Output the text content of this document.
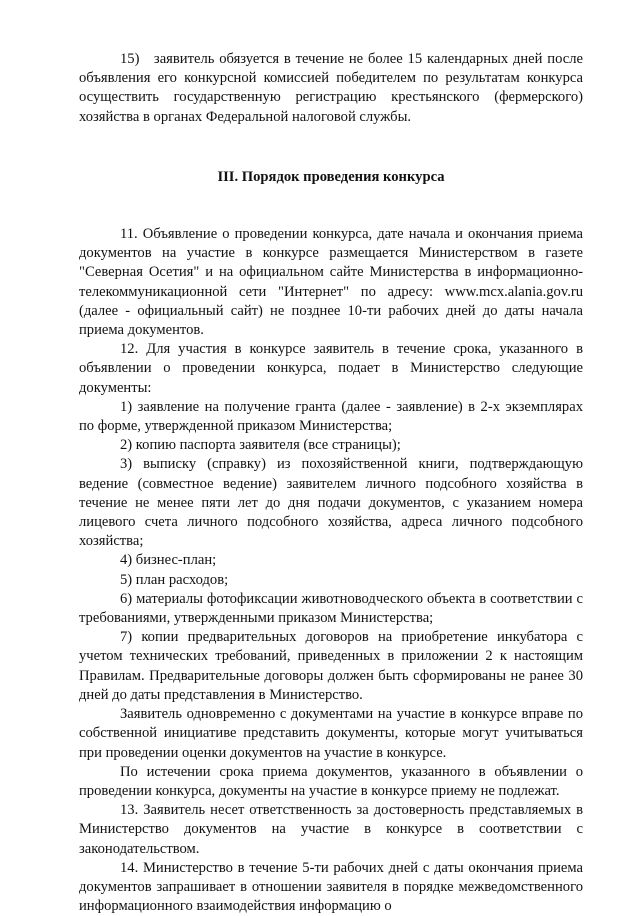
15)   заявитель обязуется в течение не более 15 календарных дней после объявления его конкурсной комиссией победителем по результатам конкурса осуществить государственную регистрацию крестьянского (фермерского) хозяйства в органах Федеральной налоговой службы.

III. Порядок проведения конкурса

11. Объявление о проведении конкурса, дате начала и окончания приема документов на участие в конкурсе размещается Министерством в газете "Северная Осетия" и на официальном сайте Министерства в информационно-телекоммуникационной сети "Интернет" по адресу: www.mcx.alania.gov.ru (далее - официальный сайт) не позднее 10-ти рабочих дней до даты начала приема документов.

12. Для участия в конкурсе заявитель в течение срока, указанного в объявлении о проведении конкурса, подает в Министерство следующие документы:

1) заявление на получение гранта (далее - заявление) в 2-х экземплярах по форме, утвержденной приказом Министерства;

2) копию паспорта заявителя (все страницы);

3) выписку (справку) из похозяйственной книги, подтверждающую ведение (совместное ведение) заявителем личного подсобного хозяйства в течение не менее пяти лет до дня подачи документов, с указанием номера лицевого счета личного подсобного хозяйства, адреса личного подсобного хозяйства;

4) бизнес-план;

5) план расходов;

6) материалы фотофиксации животноводческого объекта в соответствии с требованиями, утвержденными приказом Министерства;

7) копии предварительных договоров на приобретение инкубатора с учетом технических требований, приведенных в приложении 2 к настоящим Правилам. Предварительные договоры должен быть сформированы не ранее 30 дней до даты представления в Министерство.

Заявитель одновременно с документами на участие в конкурсе вправе по собственной инициативе представить документы, которые могут учитываться при проведении оценки документов на участие в конкурсе.

По истечении срока приема документов, указанного в объявлении о проведении конкурса, документы на участие в конкурсе приему не подлежат.

13. Заявитель несет ответственность за достоверность представляемых в Министерство документов на участие в конкурсе в соответствии с законодательством.

14. Министерство в течение 5-ти рабочих дней с даты окончания приема документов запрашивает в отношении заявителя в порядке межведомственного информационного взаимодействия информацию о
